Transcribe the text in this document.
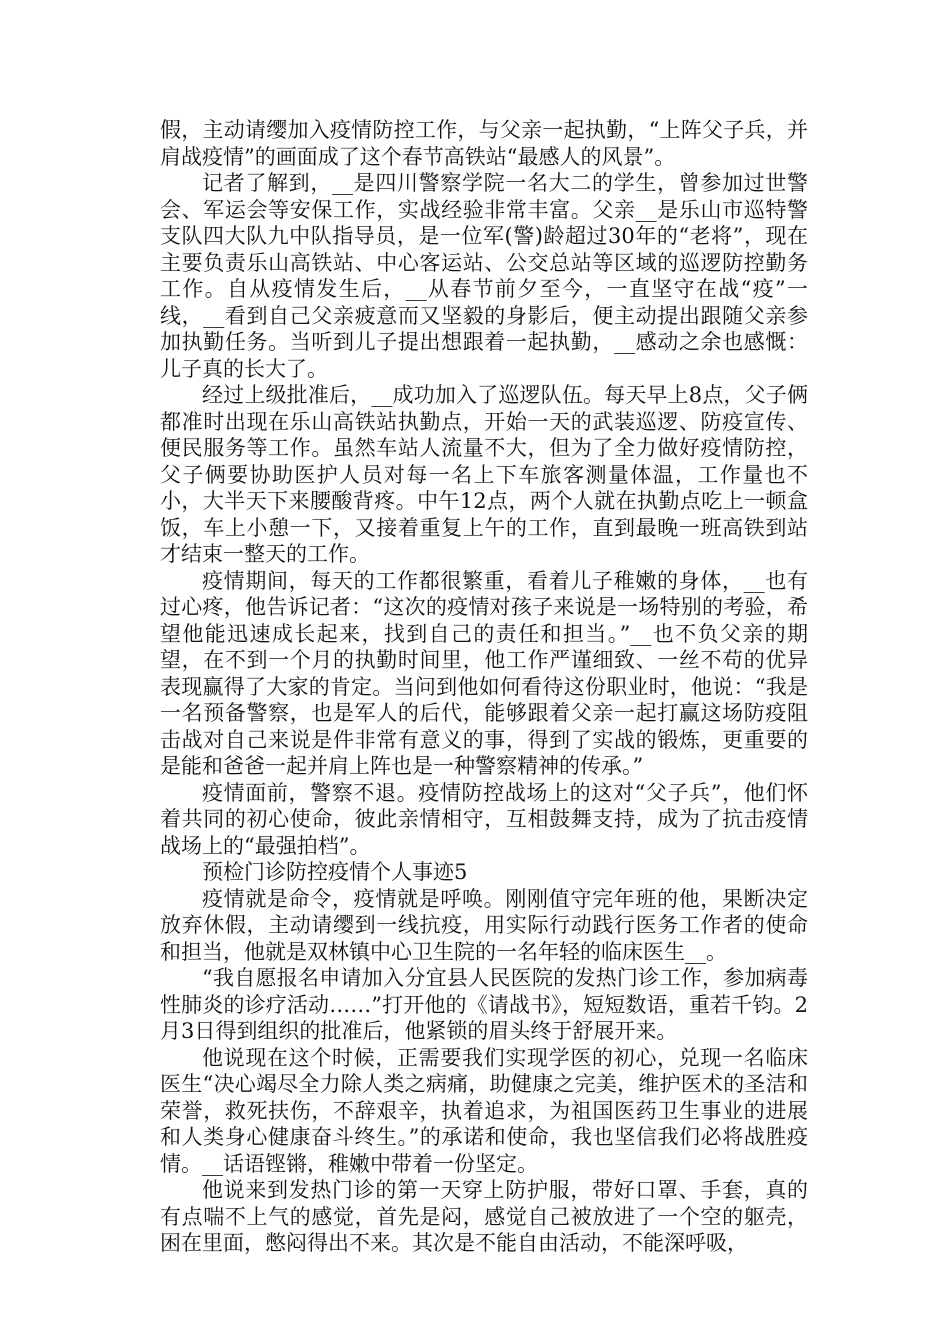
假，主动请缨加入疫情防控工作，与父亲一起执勤，“上阵父子兵，并肩战疫情”的画面成了这个春节高铁站“最感人的风景”。

记者了解到，__是四川警察学院一名大二的学生，曾参加过世警会、军运会等安保工作，实战经验非常丰富。父亲__是乐山市巡特警支队四大队九中队指导员，是一位军(警)龄超过30年的“老将”，现在主要负责乐山高铁站、中心客运站、公交总站等区域的巡逻防控勤务工作。自从疫情发生后，__从春节前夕至今，一直坚守在战“疫”一线，__看到自己父亲疲意而又坚毅的身影后，便主动提出跟随父亲参加执勤任务。当听到儿子提出想跟着一起执勤，__感动之余也感慨：儿子真的长大了。

经过上级批准后，__成功加入了巡逻队伍。每天早上8点，父子俩都准时出现在乐山高铁站执勤点，开始一天的武装巡逻、防疫宣传、便民服务等工作。虽然车站人流量不大，但为了全力做好疫情防控，父子俩要协助医护人员对每一名上下车旅客测量体温，工作量也不小，大半天下来腰酸背疼。中午12点，两个人就在执勤点吃上一顿盒饭，车上小憩一下，又接着重复上午的工作，直到最晚一班高铁到站才结束一整天的工作。

疫情期间，每天的工作都很繁重，看着儿子稚嫩的身体，__也有过心疼，他告诉记者：“这次的疫情对孩子来说是一场特别的考验，希望他能迅速成长起来，找到自己的责任和担当。”__也不负父亲的期望，在不到一个月的执勤时间里，他工作严谨细致、一丝不苟的优异表现赢得了大家的肯定。当问到他如何看待这份职业时，他说：“我是一名预备警察，也是军人的后代，能够跟着父亲一起打赢这场防疫阻击战对自己来说是件非常有意义的事，得到了实战的锻炼，更重要的是能和爸爸一起并肩上阵也是一种警察精神的传承。”

疫情面前，警察不退。疫情防控战场上的这对“父子兵”，他们怀着共同的初心使命，彼此亲情相守，互相鼓舞支持，成为了抗击疫情战场上的“最强拍档”。

预检门诊防控疫情个人事迹5

疫情就是命令，疫情就是呼唤。刚刚值守完年班的他，果断决定放弃休假，主动请缨到一线抗疫，用实际行动践行医务工作者的使命和担当，他就是双林镇中心卫生院的一名年轻的临床医生__。

“我自愿报名申请加入分宜县人民医院的发热门诊工作，参加病毒性肺炎的诊疗活动……”打开他的《请战书》，短短数语，重若千钧。2月3日得到组织的批准后，他紧锁的眉头终于舒展开来。

他说现在这个时候，正需要我们实现学医的初心，兑现一名临床医生“决心竭尽全力除人类之病痛，助健康之完美，维护医术的圣洁和荣誉，救死扶伤，不辞艰辛，执着追求，为祖国医药卫生事业的进展和人类身心健康奋斗终生。”的承诺和使命，我也坚信我们必将战胜疫情。__话语铿锵，稚嫩中带着一份坚定。

他说来到发热门诊的第一天穿上防护服，带好口罩、手套，真的有点喘不上气的感觉，首先是闷，感觉自己被放进了一个空的躯壳，困在里面，憋闷得出不来。其次是不能自由活动，不能深呼吸，
